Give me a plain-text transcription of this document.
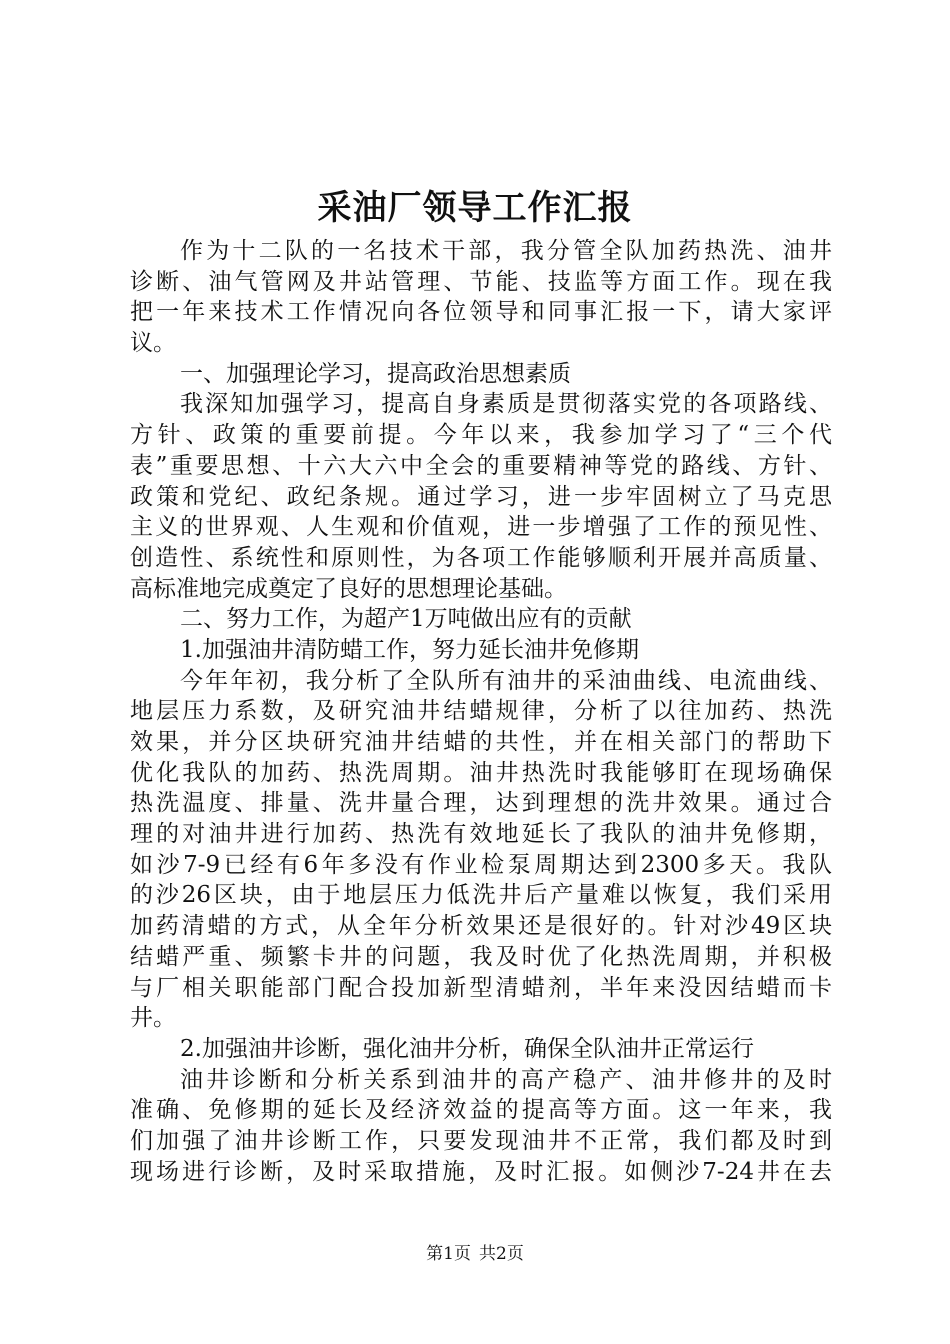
采油厂领导工作汇报
作为十二队的一名技术干部，我分管全队加药热洗、油井
诊断、油气管网及井站管理、节能、技监等方面工作。现在我
把一年来技术工作情况向各位领导和同事汇报一下，请大家评
议。
一、加强理论学习，提高政治思想素质
我深知加强学习，提高自身素质是贯彻落实党的各项路线、
方针、政策的重要前提。今年以来，我参加学习了“三个代
表”重要思想、十六大六中全会的重要精神等党的路线、方针、
政策和党纪、政纪条规。通过学习，进一步牢固树立了马克思
主义的世界观、人生观和价值观，进一步增强了工作的预见性、
创造性、系统性和原则性，为各项工作能够顺利开展并高质量、
高标准地完成奠定了良好的思想理论基础。
二、努力工作，为超产1万吨做出应有的贡献
1.加强油井清防蜡工作，努力延长油井免修期
今年年初，我分析了全队所有油井的采油曲线、电流曲线、
地层压力系数，及研究油井结蜡规律，分析了以往加药、热洗
效果，并分区块研究油井结蜡的共性，并在相关部门的帮助下
优化我队的加药、热洗周期。油井热洗时我能够盯在现场确保
热洗温度、排量、洗井量合理，达到理想的洗井效果。通过合
理的对油井进行加药、热洗有效地延长了我队的油井免修期，
如沙7-9已经有6年多没有作业检泵周期达到2300多天。我队
的沙26区块，由于地层压力低洗井后产量难以恢复，我们采用
加药清蜡的方式，从全年分析效果还是很好的。针对沙49区块
结蜡严重、频繁卡井的问题，我及时优了化热洗周期，并积极
与厂相关职能部门配合投加新型清蜡剂，半年来没因结蜡而卡
井。
2.加强油井诊断，强化油井分析，确保全队油井正常运行
油井诊断和分析关系到油井的高产稳产、油井修井的及时
准确、免修期的延长及经济效益的提高等方面。这一年来，我
们加强了油井诊断工作，只要发现油井不正常，我们都及时到
现场进行诊断，及时采取措施，及时汇报。如侧沙7-24井在去
第1页 共2页
